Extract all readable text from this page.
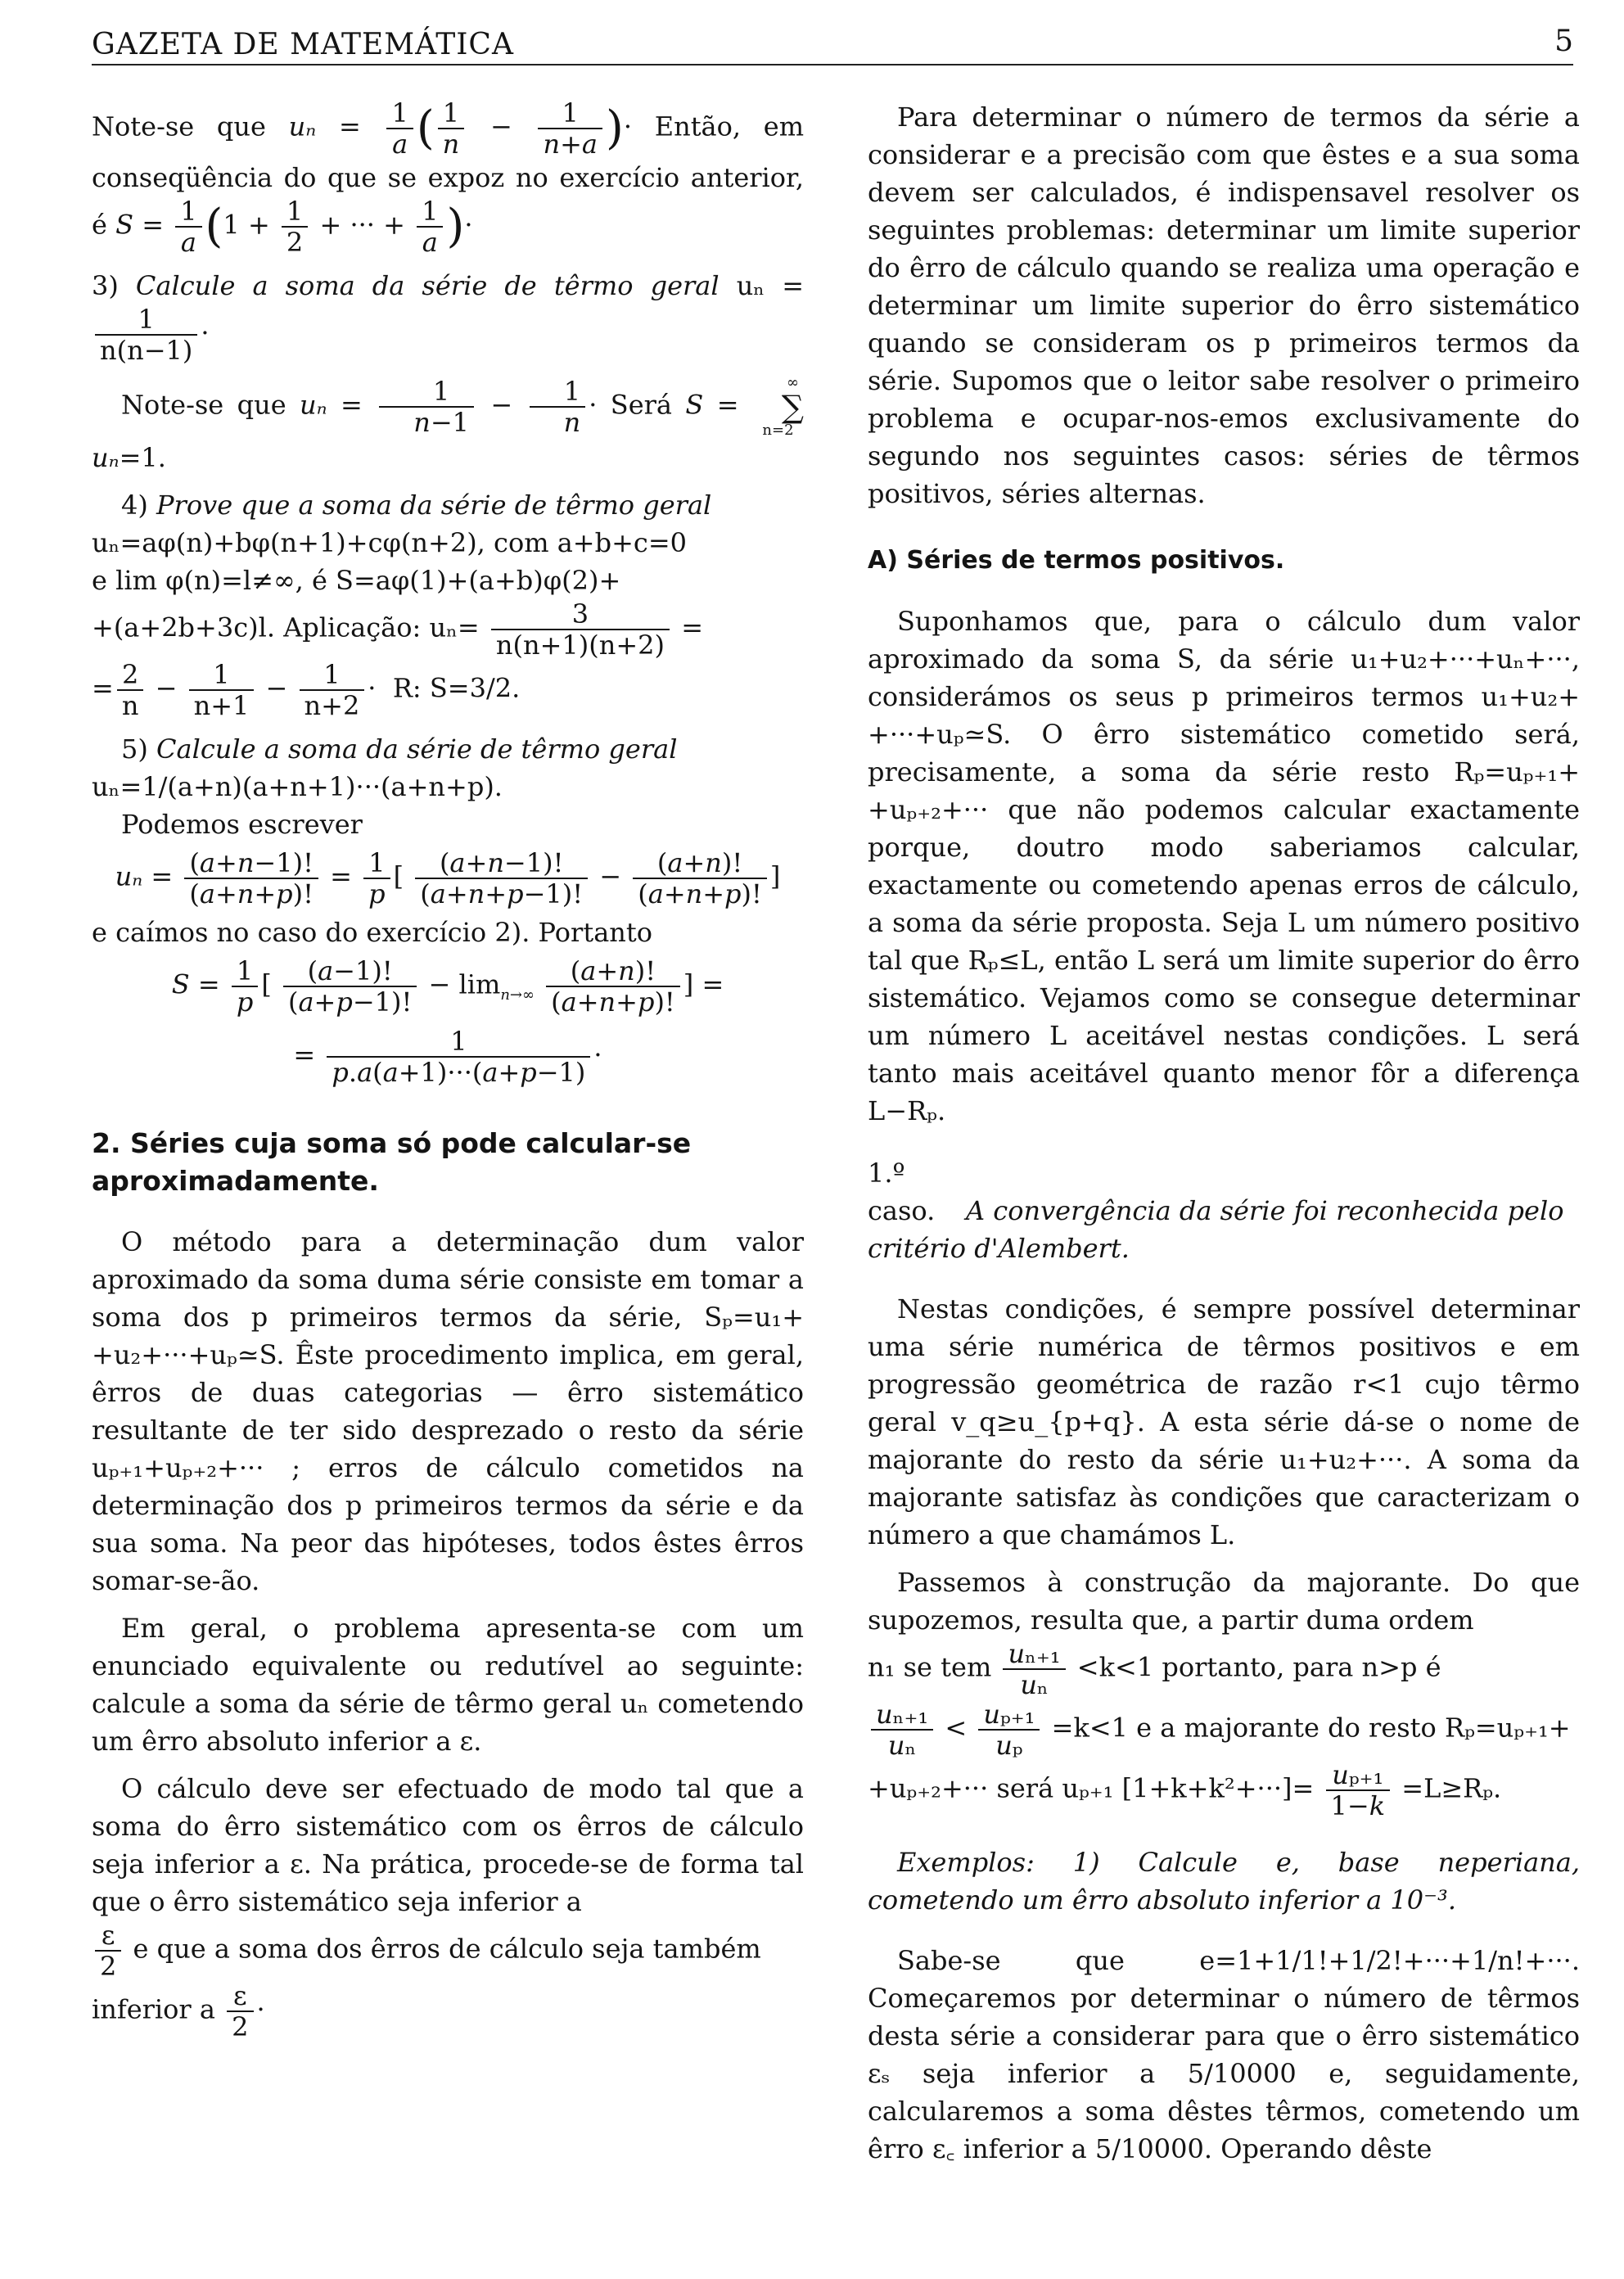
GAZETA DE MATEMÁTICA	5

Note-se que $u_n = \frac{1}{a}$ ( $\frac{1}{n} - \frac{1}{n+a}$ )· Então, em conseqüência do que se expoz no exercício anterior, é $S = \frac{1}{a} (1 + \frac{1}{2}$ + ··· + $\frac{1}{a}$ )·

3) Calcule a soma da série de têrmo geral uₙ =
$\frac{1}{n(n-1)}$ ·

Note-se que $u_n = \frac{1}{n-1} - \frac{1}{n}$ · Será S = ∞
∑
n=2 uₙ=1.

4) Prove que a soma da série de têrmo geral

uₙ=aφ(n)+bφ(n+1)+cφ(n+2), com a+b+c=0

e lim φ(n)=l≠∞, é S=aφ(1)+(a+b)φ(2)+

+(a+2b+3c)l. Aplicação: $u_n= \frac{3}{n(n+1)(n+2)}$ =

= $\frac{2}{n} - \frac{1}{n+1} - \frac{1}{n+2} \cdot R$: S=3/2.

5) Calcule a soma da série de têrmo geral

uₙ=1/(a+n)(a+n+1)···(a+n+p).

Podemos escrever

$u_n = \frac{(a+n-1)!}{(a+n+p)!} = \frac{1}{p}$ [ $\frac{(a+n-1)!}{(a+n+p-1)!} - \frac{(a+n)!}{(a+n+p)!}$ ]

e caímos no caso do exercício 2). Portanto

$S = \frac{1}{p}$ [ $\frac{(a-1)!}{(a+p-1)!} - \lim_{n\to\infty} \frac{(a+n)!}{(a+n+p)!}$ ] =
= $\frac{1}{p.a(a+1)\cdot\cdot\cdot(a+p-1)}$ ·
2. Séries cuja soma só pode calcular-se aproximadamente.

O método para a determinação dum valor aproximado da soma duma série consiste em tomar a soma dos p primeiros termos da série, Sₚ=u₁+ +u₂+···+uₚ≃S. Êste procedimento implica, em geral, êrros de duas categorias — êrro sistemático resultante de ter sido desprezado o resto da série uₚ₊₁+uₚ₊₂+··· ; erros de cálculo cometidos na determinação dos p primeiros termos da série e da sua soma. Na peor das hipóteses, todos êstes êrros somar-se-ão.

Em geral, o problema apresenta-se com um enunciado equivalente ou redutível ao seguinte: calcule a soma da série de têrmo geral uₙ cometendo um êrro absoluto inferior a ε.

O cálculo deve ser efectuado de modo tal que a soma do êrro sistemático com os êrros de cálculo seja inferior a ε. Na prática, procede-se de forma tal que o êrro sistemático seja inferior a

$\frac{\varepsilon}{2}$ e que a soma dos êrros de cálculo seja também

inferior a $\frac{\varepsilon}{2}$ ·

Para determinar o número de termos da série a considerar e a precisão com que êstes e a sua soma devem ser calculados, é indispensavel resolver os seguintes problemas: determinar um limite superior do êrro de cálculo quando se realiza uma operação e determinar um limite superior do êrro sistemático quando se consideram os p primeiros termos da série. Supomos que o leitor sabe resolver o primeiro problema e ocupar-nos-emos exclusivamente do segundo nos seguintes casos: séries de têrmos positivos, séries alternas.

A) Séries de termos positivos.

Suponhamos que, para o cálculo dum valor aproximado da soma S, da série u₁+u₂+···+uₙ+···, considerámos os seus p primeiros termos u₁+u₂+ +···+uₚ≃S. O êrro sistemático cometido será, precisamente, a soma da série resto Rₚ=uₚ₊₁+ +uₚ₊₂+··· que não podemos calcular exactamente porque, doutro modo saberiamos calcular, exactamente ou cometendo apenas erros de cálculo, a soma da série proposta. Seja L um número positivo tal que Rₚ≤L, então L será um limite superior do êrro sistemático. Vejamos como se consegue determinar um número L aceitável nestas condições. L será tanto mais aceitável quanto menor fôr a diferença L−Rₚ.

1.º caso. A convergência da série foi reconhecida pelo critério d'Alembert.

Nestas condições, é sempre possível determinar uma série numérica de têrmos positivos e em progressão geométrica de razão r<1 cujo têrmo geral v_q≥u_{p+q}. A esta série dá-se o nome de majorante do resto da série u₁+u₂+···. A soma da majorante satisfaz às condições que caracterizam o número a que chamámos L.

Passemos à construção da majorante. Do que supozemos, resulta que, a partir duma ordem

n₁ se tem $\frac{\text{uₙ₊₁}}{\text{uₙ}} <k<1$ portanto, para n>p é

$\frac{\text{uₙ₊₁}}{\text{uₙ}} < \frac{\text{uₚ₊₁}}{\text{uₚ}} =k<1$ e a majorante do resto Rₚ=uₚ₊₁+

+uₚ₊₂+··· será uₚ₊₁ $[1+k+k^2+\cdot\cdot\cdot]= \frac{\text{uₚ₊₁}}{1-k} =L\ge R_p$.

Exemplos: 1) Calcule e, base neperiana, cometendo um êrro absoluto inferior a 10⁻³.

Sabe-se que e=1+1/1!+1/2!+···+1/n!+···. Começaremos por determinar o número de têrmos desta série a considerar para que o êrro sistemático εₛ seja inferior a 5/10000 e, seguidamente, calcularemos a soma dêstes têrmos, cometendo um êrro ε꜀ inferior a 5/10000. Operando dêste
